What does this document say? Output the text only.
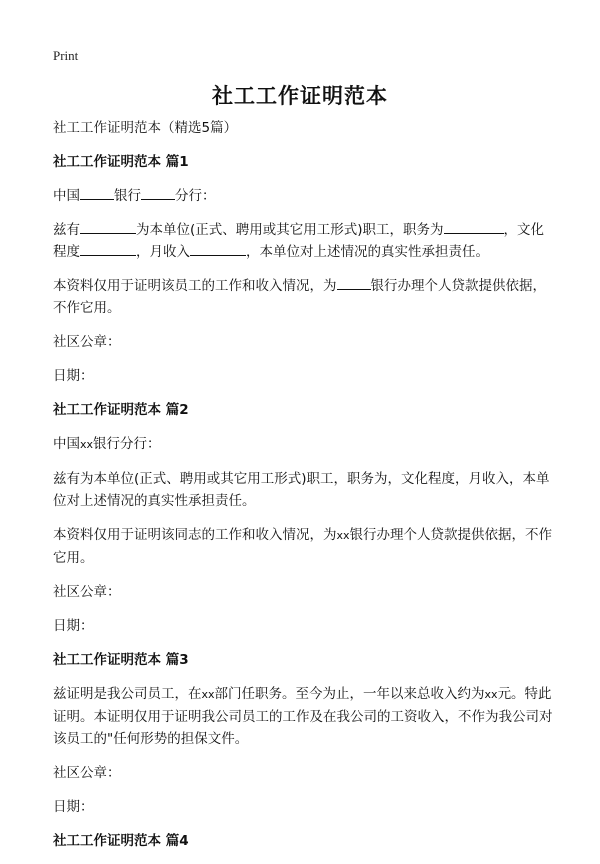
Print
社工工作证明范本

社工工作证明范本（精选5篇）

社工工作证明范本 篇1

中国	银行	分行：

兹有	为本单位(正式、聘用或其它用工形式)职工，职务为	，文化程度	，月收入	，本单位对上述情况的真实性承担责任。

本资料仅用于证明该员工的工作和收入情况，为	银行办理个人贷款提供依据，不作它用。

社区公章：

日期：

社工工作证明范本 篇2

中国xx银行分行：

兹有为本单位(正式、聘用或其它用工形式)职工，职务为，文化程度，月收入，本单位对上述情况的真实性承担责任。

本资料仅用于证明该同志的工作和收入情况，为xx银行办理个人贷款提供依据，不作它用。

社区公章：

日期：

社工工作证明范本 篇3

兹证明是我公司员工，在xx部门任职务。至今为止，一年以来总收入约为xx元。特此证明。本证明仅用于证明我公司员工的工作及在我公司的工资收入，不作为我公司对该员工的"任何形势的担保文件。

社区公章：

日期：

社工工作证明范本 篇4
